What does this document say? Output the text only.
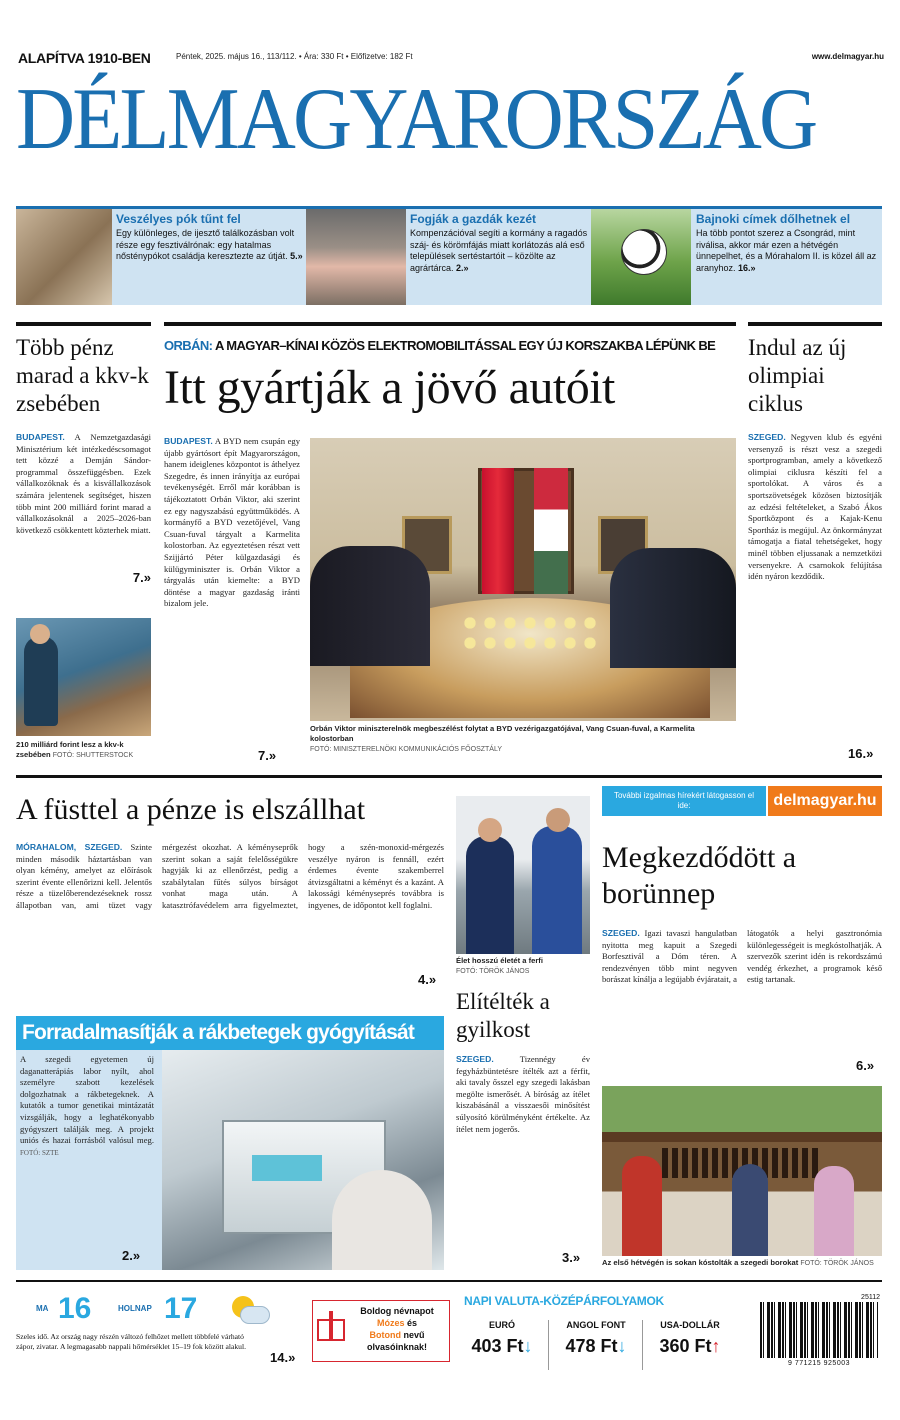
ALAPÍTVA 1910-BEN	Péntek, 2025. május 16., 113/112. • Ára: 330 Ft • Előfizetve: 182 Ft	www.delmagyar.hu
DÉLMAGYARORSZÁG
Veszélyes pók tűnt fel
Egy különleges, de ijesztő találkozásban volt része egy fesztiválrónak: egy hatalmas nősténypókot családja keresztezte az útját. 5.»
Fogják a gazdák kezét
Kompenzációval segíti a kormány a ragadós száj- és körömfájás miatt korlátozás alá eső települések sertéstartóit – közölte az agrártárca. 2.»
Bajnoki címek dőlhetnek el
Ha több pontot szerez a Csongrád, mint riválisa, akkor már ezen a hétvégén ünnepelhet, és a Mórahalom II. is közel áll az aranyhoz. 16.»
Több pénz marad a kkv-k zsebében
BUDAPEST. A Nemzetgazdasági Minisztérium két intézkedéscsomagot tett közzé a Demján Sándor-programmal összefüggésben. Ezek vállalkozóknak és a kisvállalkozások számára jelentenek segítséget, hiszen több mint 200 milliárd forint marad a vállalkozásoknál a 2025–2026-ban következő csökkentett közterhek miatt.
7.»
210 milliárd forint lesz a kkv-k zsebében FOTÓ: SHUTTERSTOCK
ORBÁN: A MAGYAR–KÍNAI KÖZÖS ELEKTROMOBILITÁSSAL EGY ÚJ KORSZAKBA LÉPÜNK BE
Itt gyártják a jövő autóit
BUDAPEST. A BYD nem csupán egy újabb gyártósort épít Magyarországon, hanem ideiglenes központot is áthelyez Szegedre, és innen irányítja az európai tevékenységét. Erről már korábban is tájékoztatott Orbán Viktor, aki szerint ez egy nagyszabású együttműködés. A kormányfő a BYD vezetőjével, Vang Csuan-fuval tárgyalt a Karmelita kolostorban. Az egyeztetésen részt vett Szijjártó Péter külgazdasági és külügyminiszter is. Orbán Viktor a tárgyalás után kiemelte: a BYD döntése a magyar gazdaság iránti bizalom jele.
7.»
Orbán Viktor miniszterelnök megbeszélést folytat a BYD vezérigazgatójával, Vang Csuan-fuval, a Karmelita kolostorban
FOTÓ: MINISZTERELNÖKI KOMMUNIKÁCIÓS FŐOSZTÁLY
Indul az új olimpiai ciklus
SZEGED. Negyven klub és egyéni versenyző is részt vesz a szegedi sportprogramban, amely a következő olimpiai ciklusra készíti fel a sportolókat. A város és a sportszövetségek közösen biztosítják az edzési feltételeket, a Szabó Ákos Sportközpont és a Kajak-Kenu Sportház is megújul. Az önkormányzat támogatja a fiatal tehetségeket, hogy minél többen eljussanak a nemzetközi versenyekre. A csarnokok felújítása idén nyáron kezdődik.
16.»
A füsttel a pénze is elszállhat
MÓRAHALOM, SZEGED. Szinte minden második háztartásban van olyan kémény, amelyet az előírások szerint évente ellenőrizni kell. Jelentős része a tüzelőberendezéseknek rossz állapotban van, ami tüzet vagy mérgezést okozhat. A kéményseprők szerint sokan a saját felelősségükre hagyják ki az ellenőrzést, pedig a szabálytalan fűtés súlyos bírságot vonhat maga után. A katasztrófavédelem arra figyelmeztet, hogy a szén-monoxid-mérgezés veszélye nyáron is fennáll, ezért érdemes évente szakemberrel átvizsgáltatni a kéményt és a kazánt. A lakossági kéményseprés továbbra is ingyenes, de időpontot kell foglalni.
4.»
Forradalmasítják a rákbetegek gyógyítását
A szegedi egyetemen új daganatterápiás labor nyílt, ahol személyre szabott kezelések dolgozhatnak a rákbetegeknek. A kutatók a tumor genetikai mintázatát vizsgálják, hogy a leghatékonyabb gyógyszert találják meg. A projekt uniós és hazai forrásból valósul meg. FOTÓ: SZTE
2.»
Élet hosszú életét a ferfi
FOTÓ: TÖRÖK JÁNOS
Elítélték a gyilkost
SZEGED.	Tizennégy év fegyházbüntetésre ítélték azt a férfit, aki tavaly ősszel egy szegedi lakásban megölte ismerősét. A bíróság az ítélet kiszabásánál a visszaesői minősítést súlyosító körülményként értékelte. Az ítélet nem jogerős.
3.»
További izgalmas hírekért látogasson el ide:	delmagyar.hu
Megkezdődött a borünnep
SZEGED. Igazi tavaszi hangulatban nyitotta meg kapuit a Szegedi Borfesztivál a Dóm téren. A rendezvényen több mint negyven borászat kínálja a legújabb évjáratait, a látogatók a helyi gasztronómia különlegességeit is megkóstolhatják. A szervezők szerint idén is rekordszámú vendég érkezhet, a programok késő estig tartanak.
6.»
Az első hétvégén is sokan kóstolták a szegedi borokat FOTÓ: TÖRÖK JÁNOS
MA 16	HOLNAP 17
Szeles idő. Az ország nagy részén változó felhőzet mellett többfelé várható zápor, zivatar. A legmagasabb nappali hőmérséklet 15–19 fok között alakul.
14.»
Boldog névnapot
Mózes és
Botond nevű olvasóinknak!
NAPI VALUTA-KÖZÉPÁRFOLYAMOK
EURÓ
403 Ft↓
ANGOL FONT
478 Ft↓
USA-DOLLÁR
360 Ft↑
25112
9 771215 925003
